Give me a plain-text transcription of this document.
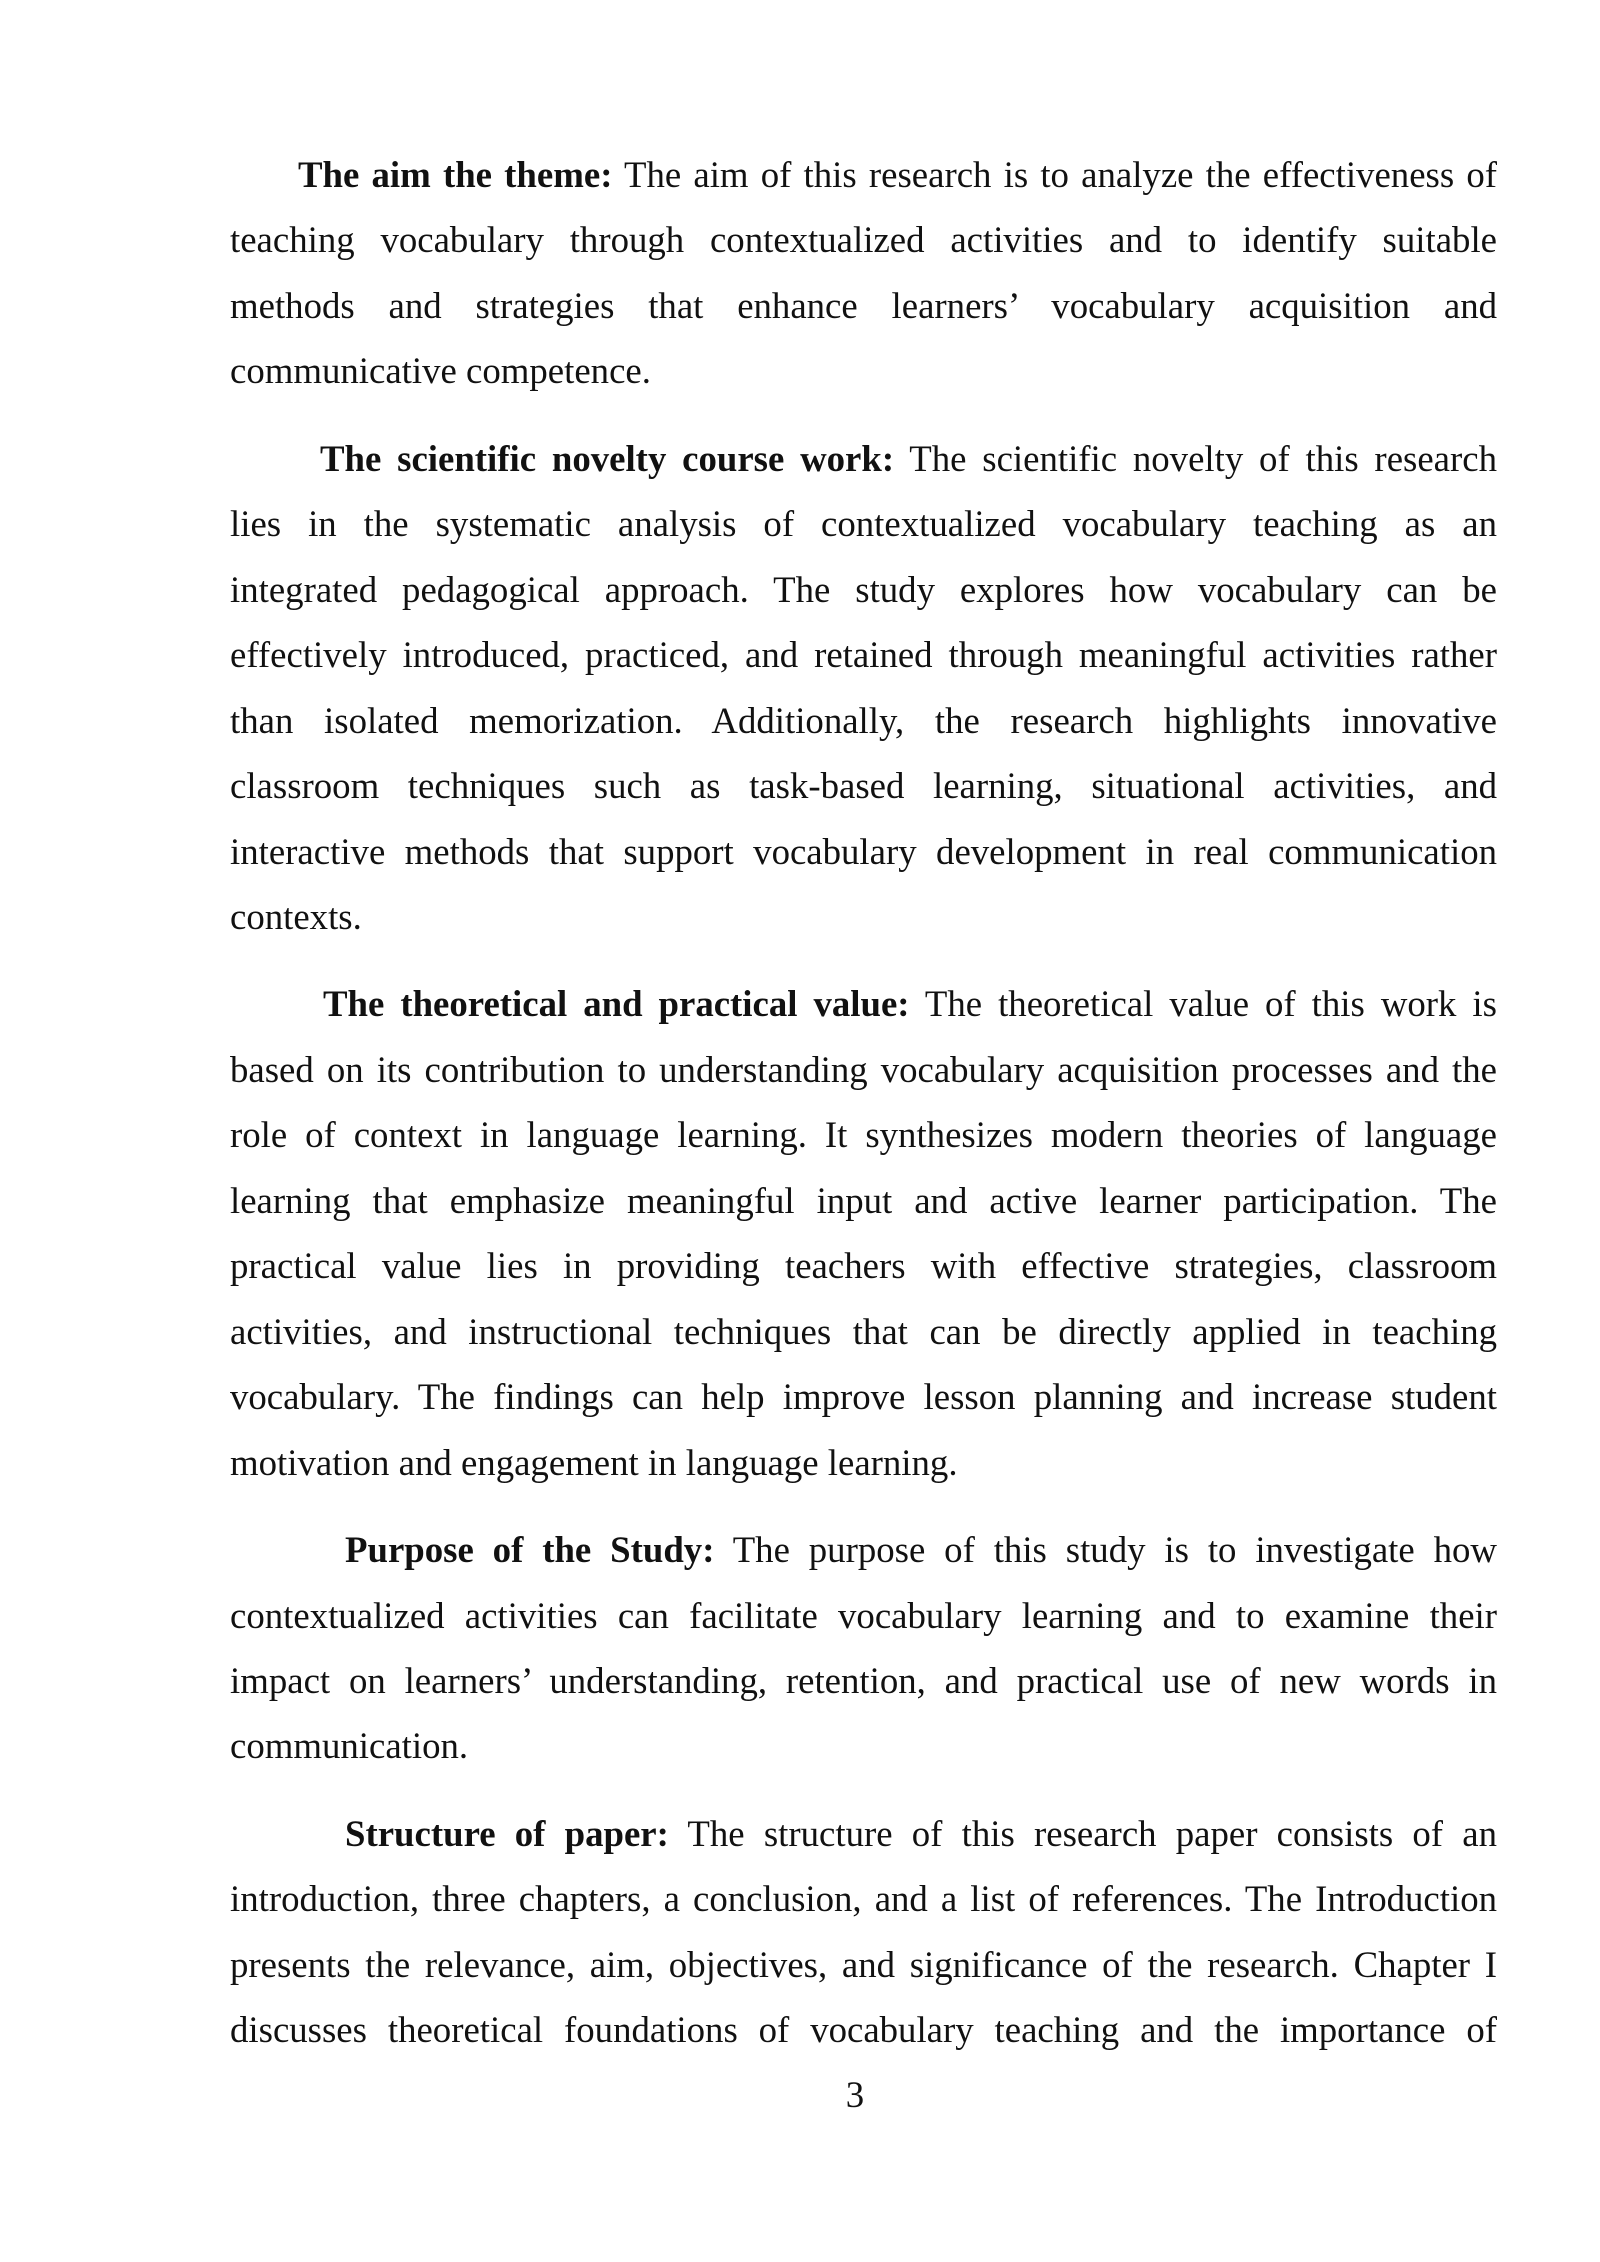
The aim the theme: The aim of this research is to analyze the effectiveness of
teaching vocabulary through contextualized activities and to identify suitable
methods and strategies that enhance learners’ vocabulary acquisition and
communicative competence.
The scientific novelty course work: The scientific novelty of this research
lies in the systematic analysis of contextualized vocabulary teaching as an
integrated pedagogical approach. The study explores how vocabulary can be
effectively introduced, practiced, and retained through meaningful activities rather
than isolated memorization. Additionally, the research highlights innovative
classroom techniques such as task-based learning, situational activities, and
interactive methods that support vocabulary development in real communication
contexts.
The theoretical and practical value: The theoretical value of this work is
based on its contribution to understanding vocabulary acquisition processes and the
role of context in language learning. It synthesizes modern theories of language
learning that emphasize meaningful input and active learner participation. The
practical value lies in providing teachers with effective strategies, classroom
activities, and instructional techniques that can be directly applied in teaching
vocabulary. The findings can help improve lesson planning and increase student
motivation and engagement in language learning.
Purpose of the Study: The purpose of this study is to investigate how
contextualized activities can facilitate vocabulary learning and to examine their
impact on learners’ understanding, retention, and practical use of new words in
communication.
Structure of paper: The structure of this research paper consists of an
introduction, three chapters, a conclusion, and a list of references. The Introduction
presents the relevance, aim, objectives, and significance of the research. Chapter I
discusses theoretical foundations of vocabulary teaching and the importance of
3
